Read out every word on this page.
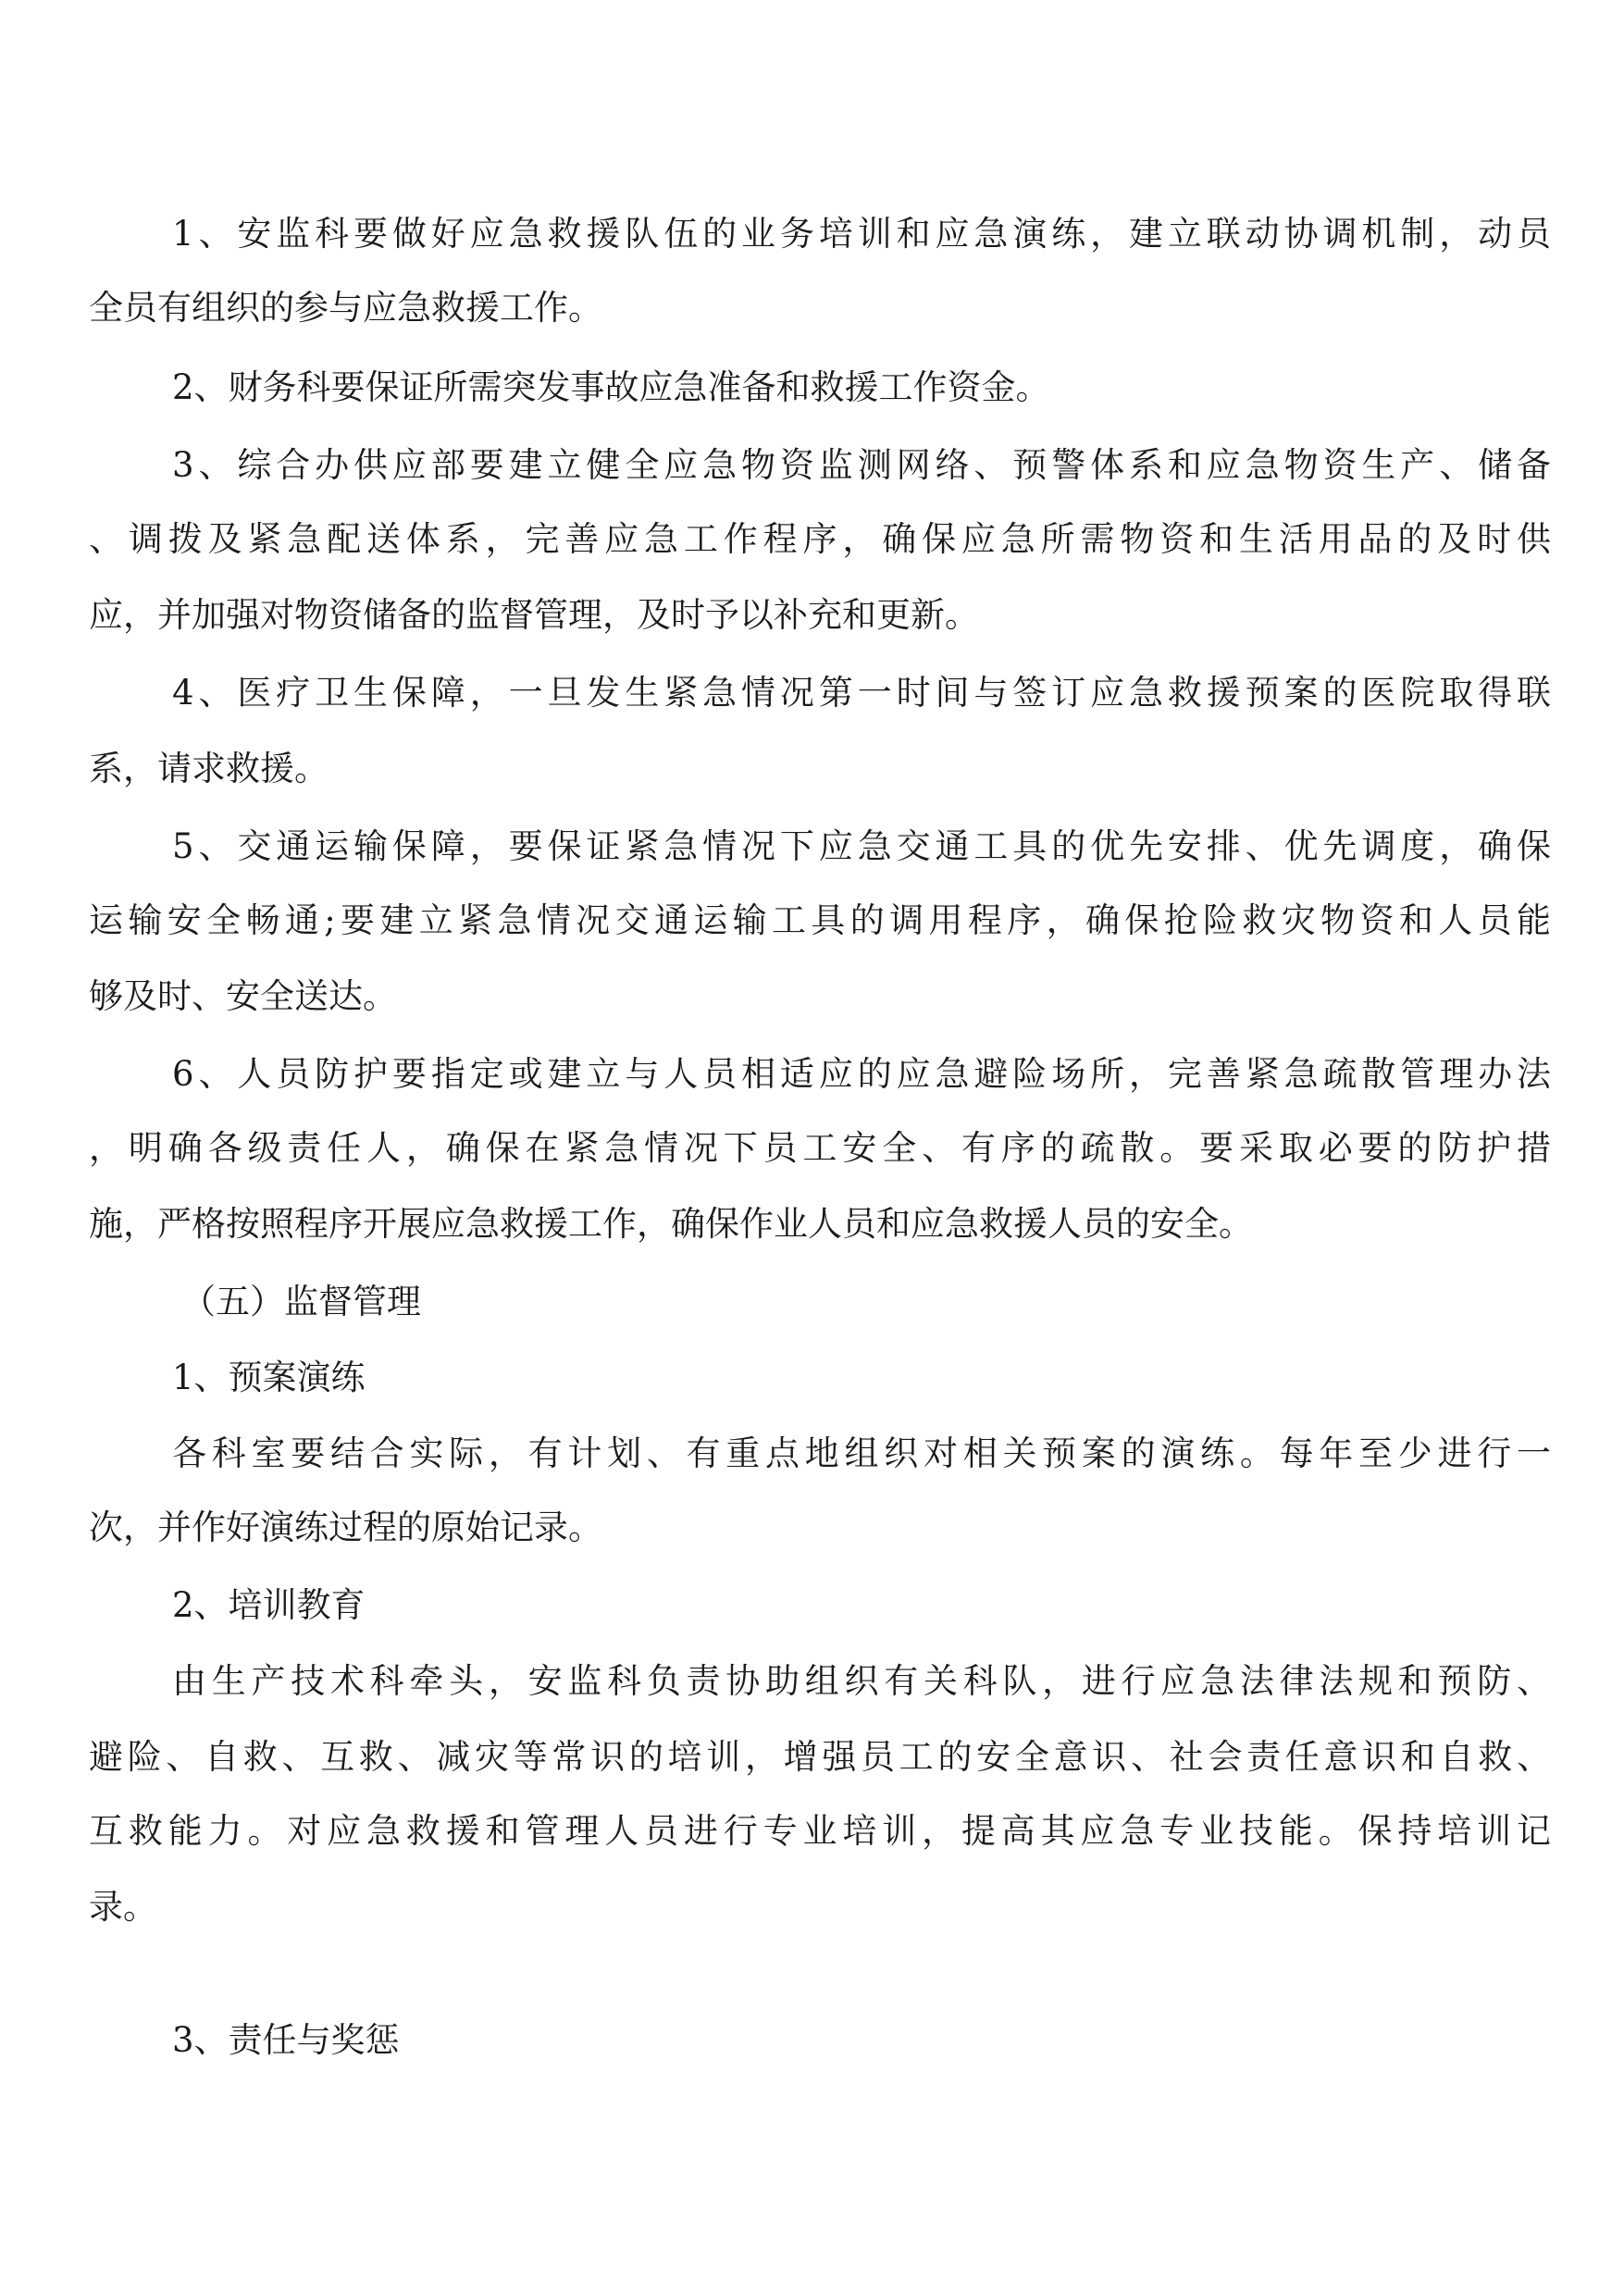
1、安监科要做好应急救援队伍的业务培训和应急演练，建立联动协调机制，动员

全员有组织的参与应急救援工作。

2、财务科要保证所需突发事故应急准备和救援工作资金。

3、综合办供应部要建立健全应急物资监测网络、预警体系和应急物资生产、储备

、调拨及紧急配送体系，完善应急工作程序，确保应急所需物资和生活用品的及时供

应，并加强对物资储备的监督管理，及时予以补充和更新。

4、医疗卫生保障，一旦发生紧急情况第一时间与签订应急救援预案的医院取得联

系，请求救援。

5、交通运输保障，要保证紧急情况下应急交通工具的优先安排、优先调度，确保

运输安全畅通;要建立紧急情况交通运输工具的调用程序，确保抢险救灾物资和人员能

够及时、安全送达。

6、人员防护要指定或建立与人员相适应的应急避险场所，完善紧急疏散管理办法

，明确各级责任人，确保在紧急情况下员工安全、有序的疏散。要采取必要的防护措

施，严格按照程序开展应急救援工作，确保作业人员和应急救援人员的安全。

（五）监督管理

1、预案演练

各科室要结合实际，有计划、有重点地组织对相关预案的演练。每年至少进行一

次，并作好演练过程的原始记录。

2、培训教育

由生产技术科牵头，安监科负责协助组织有关科队，进行应急法律法规和预防、

避险、自救、互救、减灾等常识的培训，增强员工的安全意识、社会责任意识和自救、

互救能力。对应急救援和管理人员进行专业培训，提高其应急专业技能。保持培训记

录。

3、责任与奖惩
